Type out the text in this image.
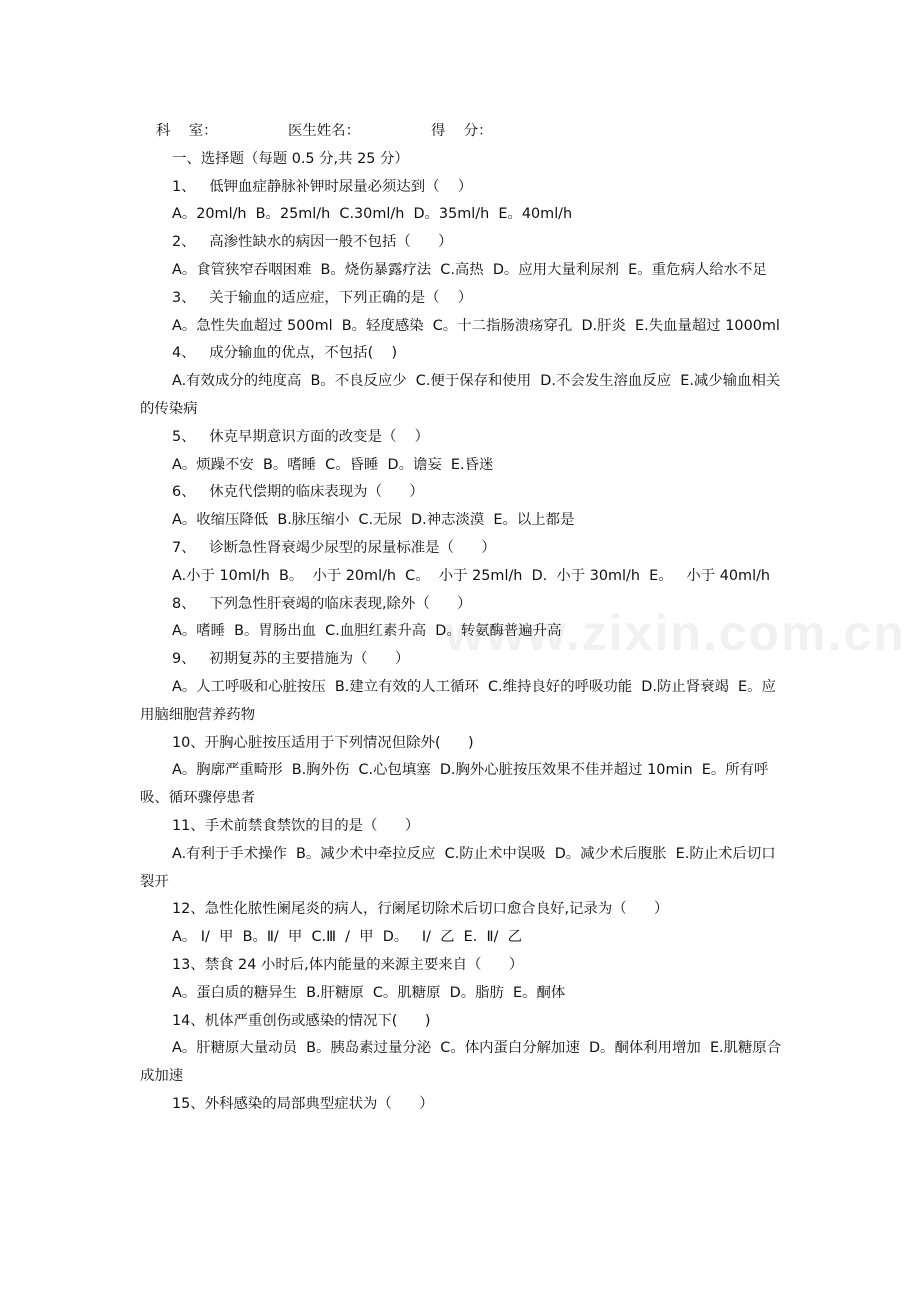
www.zixin.com.cn
科    室：	医生姓名：	得    分：

一、选择题（每题 0.5 分,共 25 分）

1、   低钾血症静脉补钾时尿量必须达到（    ）

A。20ml/h  B。25ml/h  C.30ml/h  D。35ml/h  E。40ml/h

2、   高渗性缺水的病因一般不包括（      ）

A。食管狭窄吞咽困难  B。烧伤暴露疗法  C.高热  D。应用大量利尿剂  E。重危病人给水不足

3、   关于输血的适应症，下列正确的是（    ）

A。急性失血超过 500ml  B。轻度感染  C。十二指肠溃疡穿孔  D.肝炎  E.失血量超过 1000ml

4、   成分输血的优点，不包括(    )

A.有效成分的纯度高  B。不良反应少  C.便于保存和使用  D.不会发生溶血反应  E.减少输血相关的传染病

5、   休克早期意识方面的改变是（    ）

A。烦躁不安  B。嗜睡  C。昏睡  D。谵妄  E.昏迷

6、   休克代偿期的临床表现为（      ）

A。收缩压降低  B.脉压缩小  C.无尿  D.神志淡漠  E。以上都是

7、   诊断急性肾衰竭少尿型的尿量标准是（      ）

A.小于 10ml/h  B。  小于 20ml/h  C。  小于 25ml/h  D.  小于 30ml/h  E。   小于 40ml/h

8、   下列急性肝衰竭的临床表现,除外（      ）

A。嗜睡  B。胃肠出血  C.血胆红素升高  D。转氨酶普遍升高

9、   初期复苏的主要措施为（      ）

A。人工呼吸和心脏按压  B.建立有效的人工循环  C.维持良好的呼吸功能  D.防止肾衰竭  E。应用脑细胞营养药物

10、开胸心脏按压适用于下列情况但除外(      )

A。胸廓严重畸形  B.胸外伤  C.心包填塞  D.胸外心脏按压效果不佳并超过 10min  E。所有呼吸、循环骤停患者

11、手术前禁食禁饮的目的是（      ）

A.有利于手术操作  B。减少术中牵拉反应  C.防止术中误吸  D。减少术后腹胀  E.防止术后切口裂开

12、急性化脓性阑尾炎的病人，行阑尾切除术后切口愈合良好,记录为（      ）

A。 Ⅰ/  甲  B。Ⅱ/  甲  C.Ⅲ  /  甲  D。   Ⅰ/  乙  E.  Ⅱ/  乙

13、禁食 24 小时后,体内能量的来源主要来自（      ）

A。蛋白质的糖异生  B.肝糖原  C。肌糖原  D。脂肪  E。酮体

14、机体严重创伤或感染的情况下(      )

A。肝糖原大量动员  B。胰岛素过量分泌  C。体内蛋白分解加速  D。酮体利用增加  E.肌糖原合成加速

15、外科感染的局部典型症状为（      ）
